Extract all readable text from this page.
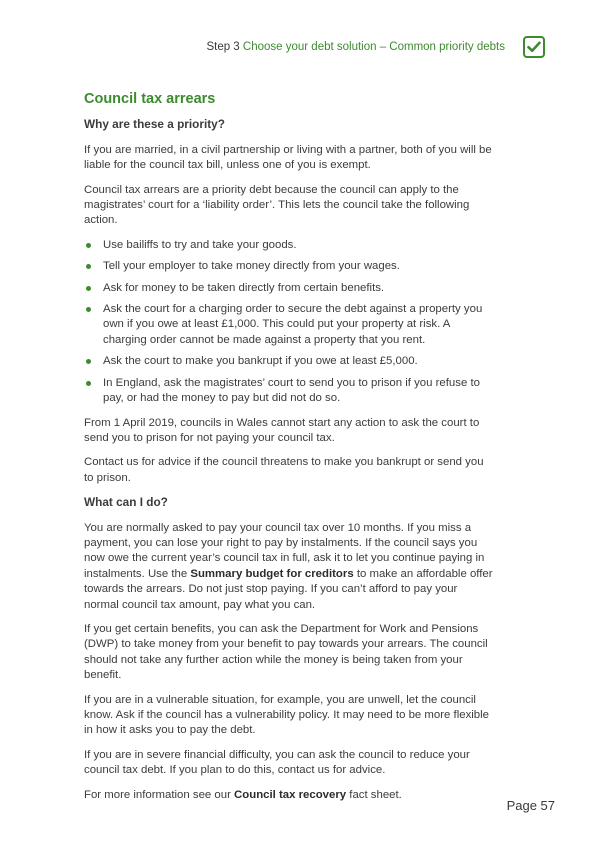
Step 3 Choose your debt solution – Common priority debts
Council tax arrears
Why are these a priority?

If you are married, in a civil partnership or living with a partner, both of you will be liable for the council tax bill, unless one of you is exempt.

Council tax arrears are a priority debt because the council can apply to the magistrates’ court for a ‘liability order’. This lets the council take the following action.

Use bailiffs to try and take your goods.
Tell your employer to take money directly from your wages.
Ask for money to be taken directly from certain benefits.
Ask the court for a charging order to secure the debt against a property you own if you owe at least £1,000. This could put your property at risk. A charging order cannot be made against a property that you rent.
Ask the court to make you bankrupt if you owe at least £5,000.
In England, ask the magistrates’ court to send you to prison if you refuse to pay, or had the money to pay but did not do so.

From 1 April 2019, councils in Wales cannot start any action to ask the court to send you to prison for not paying your council tax.

Contact us for advice if the council threatens to make you bankrupt or send you to prison.

What can I do?

You are normally asked to pay your council tax over 10 months. If you miss a payment, you can lose your right to pay by instalments. If the council says you now owe the current year’s council tax in full, ask it to let you continue paying in instalments. Use the Summary budget for creditors to make an affordable offer towards the arrears. Do not just stop paying. If you can’t afford to pay your normal council tax amount, pay what you can.

If you get certain benefits, you can ask the Department for Work and Pensions (DWP) to take money from your benefit to pay towards your arrears. The council should not take any further action while the money is being taken from your benefit.

If you are in a vulnerable situation, for example, you are unwell, let the council know. Ask if the council has a vulnerability policy. It may need to be more flexible in how it asks you to pay the debt.

If you are in severe financial difficulty, you can ask the council to reduce your council tax debt. If you plan to do this, contact us for advice.

For more information see our Council tax recovery fact sheet.

Page 57
